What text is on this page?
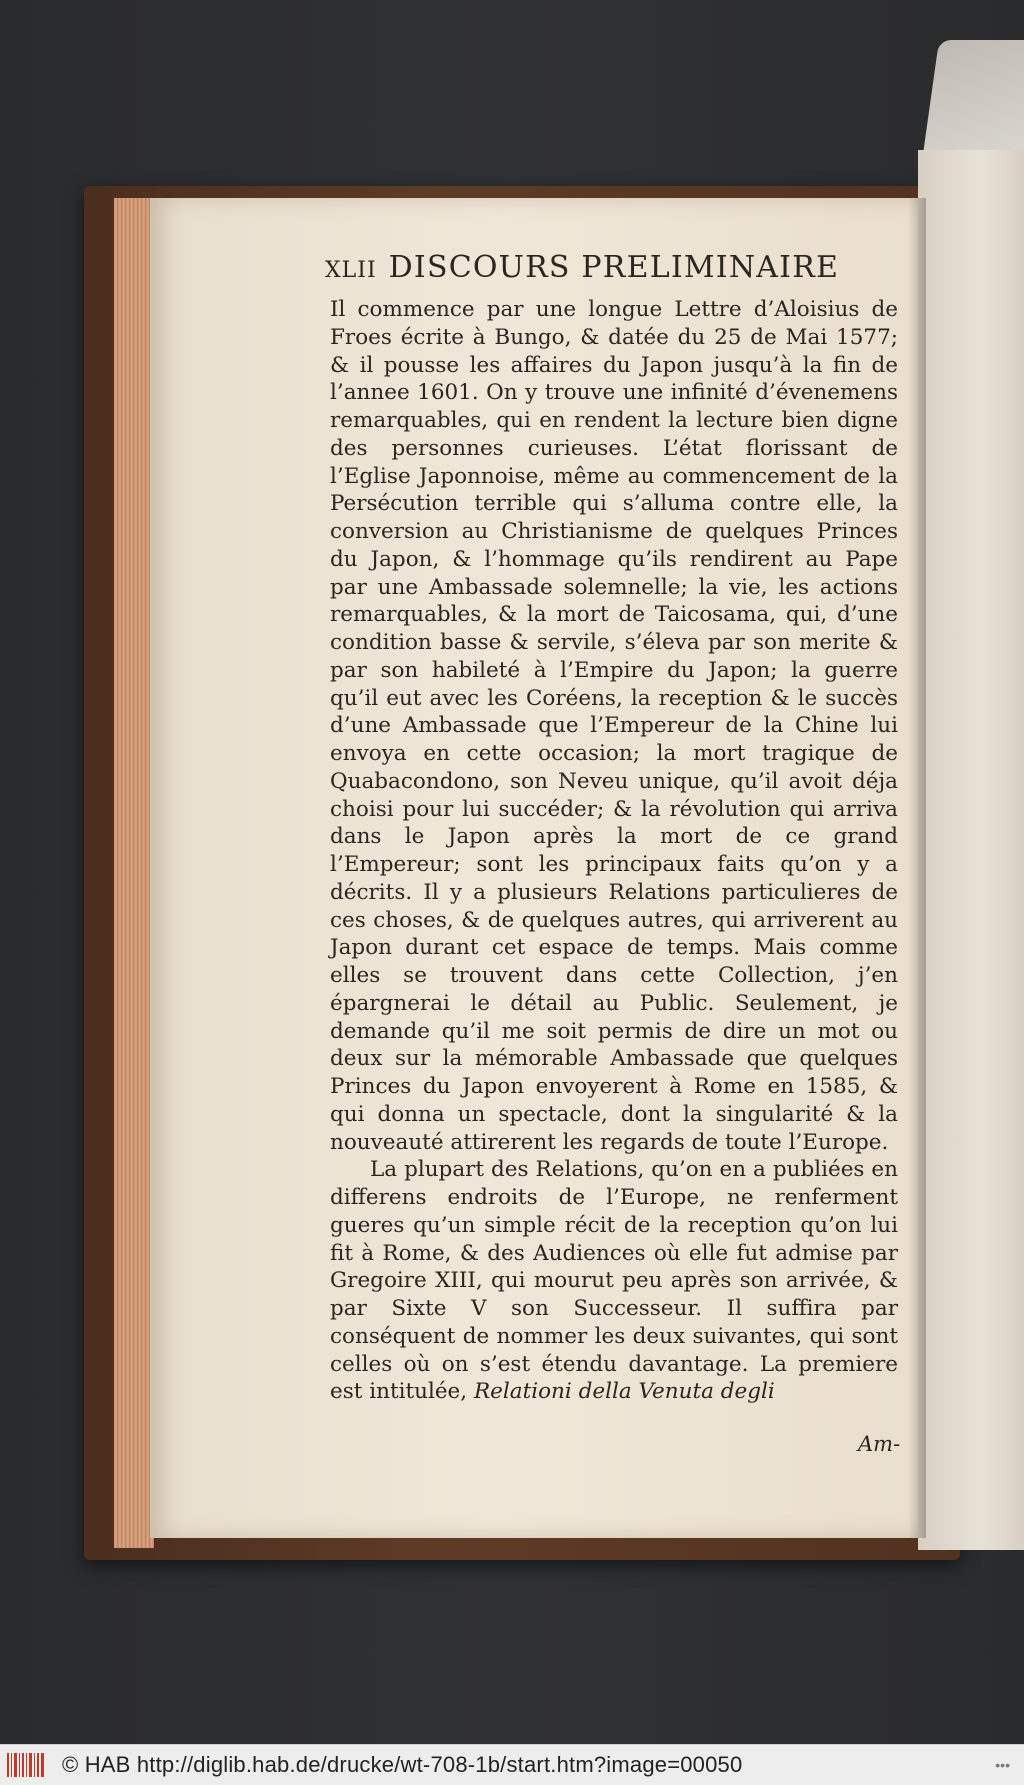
XLII DISCOURS PRELIMINAIRE

Il commence par une longue Lettre d’Aloisius de Froes écrite à Bungo, & datée du 25 de Mai 1577; & il pousse les affaires du Japon jusqu’à la fin de l’annee 1601. On y trouve une infinité d’évenemens remarquables, qui en rendent la lecture bien digne des personnes curieuses. L’état florissant de l’Eglise Japonnoise, même au commencement de la Persécution terrible qui s’alluma contre elle, la conversion au Christianisme de quelques Princes du Japon, & l’hommage qu’ils rendirent au Pape par une Ambassade solemnelle; la vie, les actions remarquables, & la mort de Taicosama, qui, d’une condition basse & servile, s’éleva par son merite & par son habileté à l’Empire du Japon; la guerre qu’il eut avec les Coréens, la reception & le succès d’une Ambassade que l’Empereur de la Chine lui envoya en cette occasion; la mort tragique de Quabacondono, son Neveu unique, qu’il avoit déja choisi pour lui succéder; & la révolution qui arriva dans le Japon après la mort de ce grand l’Empereur; sont les principaux faits qu’on y a décrits. Il y a plusieurs Relations particulieres de ces choses, & de quelques autres, qui arriverent au Japon durant cet espace de temps. Mais comme elles se trouvent dans cette Collection, j’en épargnerai le détail au Public. Seulement, je demande qu’il me soit permis de dire un mot ou deux sur la mémorable Ambassade que quelques Princes du Japon envoyerent à Rome en 1585, & qui donna un spectacle, dont la singularité & la nouveauté attirerent les regards de toute l’Europe.

La plupart des Relations, qu’on en a publiées en differens endroits de l’Europe, ne renferment gueres qu’un simple récit de la reception qu’on lui fit à Rome, & des Audiences où elle fut admise par Gregoire XIII, qui mourut peu après son arrivée, & par Sixte V son Successeur. Il suffira par conséquent de nommer les deux suivantes, qui sont celles où on s’est étendu davantage. La premiere est intitulée, Relationi della Venuta degli

Am-
© HAB http://diglib.hab.de/drucke/wt-708-1b/start.htm?image=00050	•••
